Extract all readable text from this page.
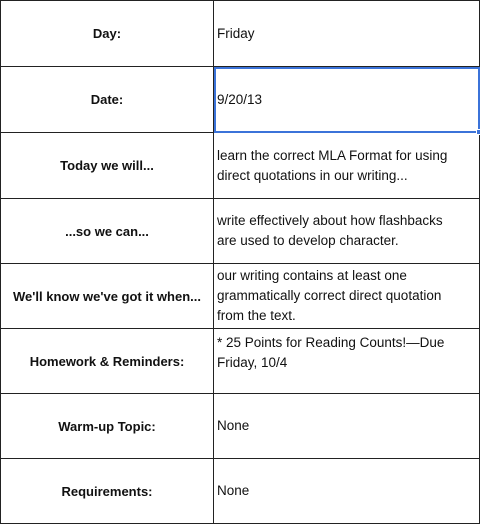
Day:	Friday

Date:	9/20/13

Today we will...	learn the correct MLA Format for using
direct quotations in our writing...

...so we can...	write effectively about how flashbacks
are used to develop character.

We'll know we've got it when...	our writing contains at least one
grammatically correct direct quotation
from the text.

Homework & Reminders:	* 25 Points for Reading Counts!—Due
Friday, 10/4

Warm-up Topic:	None

Requirements:	None
